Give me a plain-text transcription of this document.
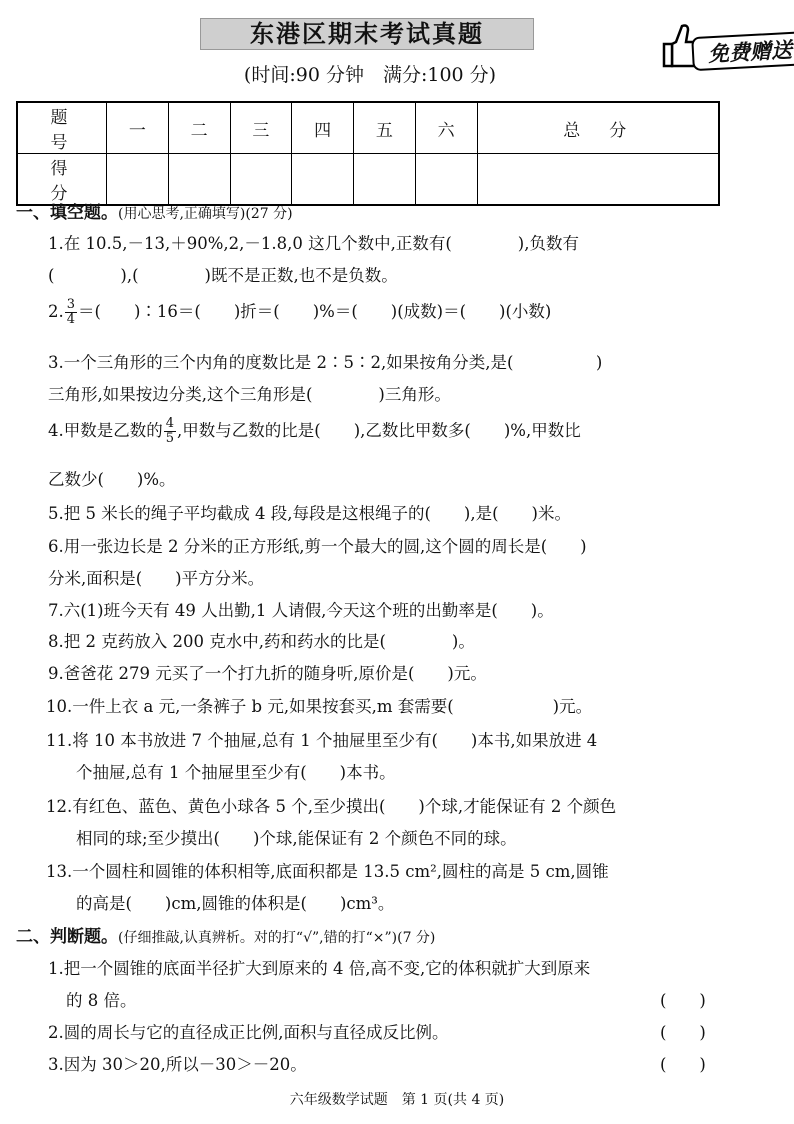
东港区期末考试真题
(时间:90 分钟　满分:100 分)
免费赠送
题　号	一	二	三	四	五	六	总　分
得　分							
一、填空题。(用心思考,正确填写)(27 分)
1.在 10.5,－13,＋90%,2,－1.8,0 这几个数中,正数有(　　　　),负数有
(　　　　),(　　　　)既不是正数,也不是负数。
2. $\frac{3}{4}$ ＝(　　)∶16＝(　　)折＝(　　)%＝(　　)(成数)＝(　　)(小数)
3.一个三角形的三个内角的度数比是 2∶5∶2,如果按角分类,是(　　　　　)
三角形,如果按边分类,这个三角形是(　　　　)三角形。
4.甲数是乙数的 $\frac{4}{5}$ ,甲数与乙数的比是(　　),乙数比甲数多(　　)%,甲数比
乙数少(　　)%。
5.把 5 米长的绳子平均截成 4 段,每段是这根绳子的(　　),是(　　)米。
6.用一张边长是 2 分米的正方形纸,剪一个最大的圆,这个圆的周长是(　　)
分米,面积是(　　)平方分米。
7.六(1)班今天有 49 人出勤,1 人请假,今天这个班的出勤率是(　　)。
8.把 2 克药放入 200 克水中,药和药水的比是(　　　　)。
9.爸爸花 279 元买了一个打九折的随身听,原价是(　　)元。
10.一件上衣 a 元,一条裤子 b 元,如果按套买,m 套需要(　　　　　　)元。
11.将 10 本书放进 7 个抽屉,总有 1 个抽屉里至少有(　　)本书,如果放进 4
个抽屉,总有 1 个抽屉里至少有(　　)本书。
12.有红色、蓝色、黄色小球各 5 个,至少摸出(　　)个球,才能保证有 2 个颜色
相同的球;至少摸出(　　)个球,能保证有 2 个颜色不同的球。
13.一个圆柱和圆锥的体积相等,底面积都是 13.5 cm²,圆柱的高是 5 cm,圆锥
的高是(　　)cm,圆锥的体积是(　　)cm³。
二、判断题。(仔细推敲,认真辨析。对的打“√”,错的打“×”)(7 分)
1.把一个圆锥的底面半径扩大到原来的 4 倍,高不变,它的体积就扩大到原来
的 8 倍。	(　　)
2.圆的周长与它的直径成正比例,面积与直径成反比例。	(　　)
3.因为 30＞20,所以－30＞－20。	(　　)
六年级数学试题　第 1 页(共 4 页)
